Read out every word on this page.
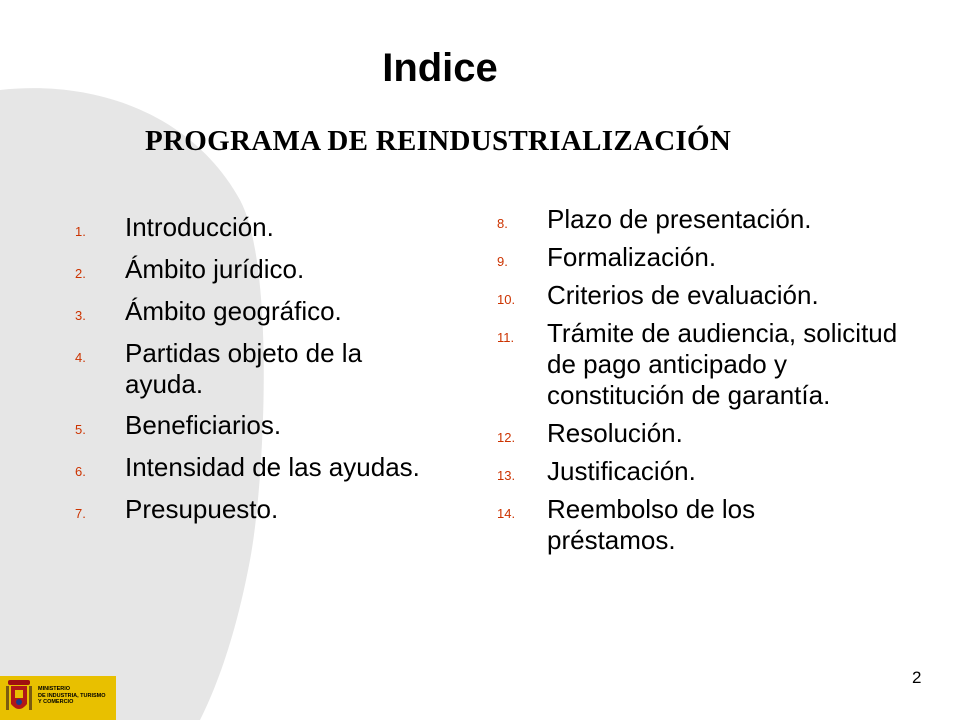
Indice
PROGRAMA DE REINDUSTRIALIZACIÓN
1.	Introducción.
2.	Ámbito jurídico.
3.	Ámbito geográfico.
4.	Partidas objeto de la ayuda.
5.	Beneficiarios.
6.	Intensidad de las ayudas.
7.	Presupuesto.
8.	Plazo de presentación.
9.	Formalización.
10.	Criterios de evaluación.
11.	Trámite de audiencia, solicitud de pago anticipado y constitución de garantía.
12.	Resolución.
13.	Justificación.
14.	Reembolso de los préstamos.
2
MINISTERIO
DE INDUSTRIA, TURISMO
Y COMERCIO
